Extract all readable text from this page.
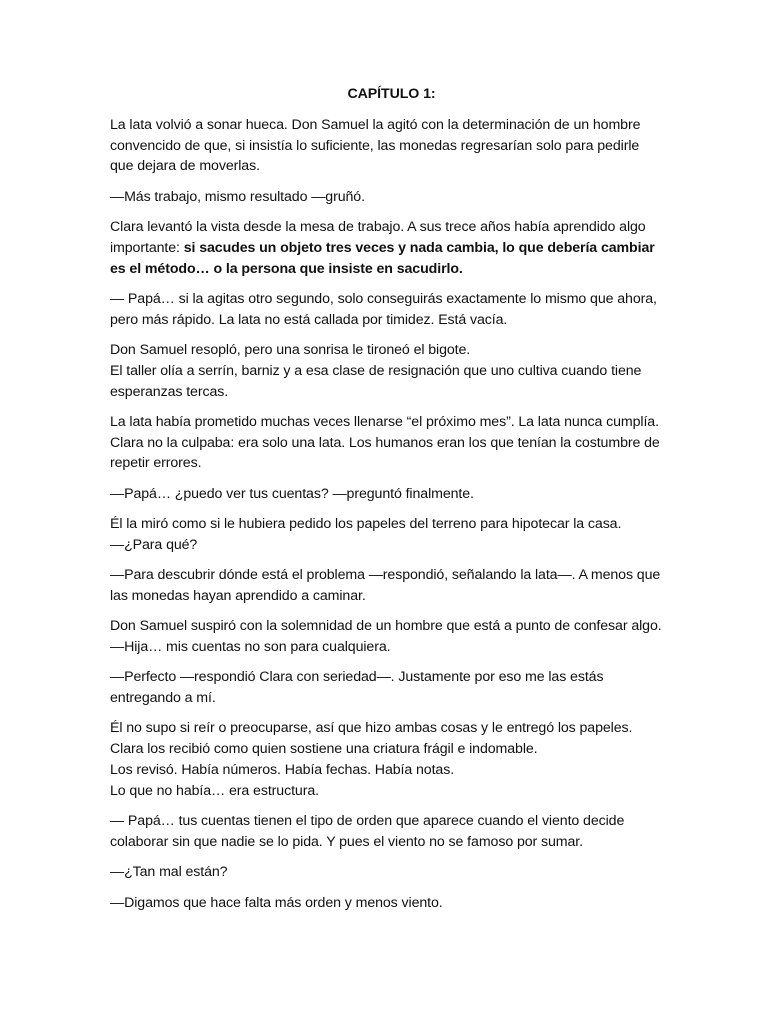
CAPÍTULO 1:

La lata volvió a sonar hueca. Don Samuel la agitó con la determinación de un hombre convencido de que, si insistía lo suficiente, las monedas regresarían solo para pedirle que dejara de moverlas.

—Más trabajo, mismo resultado —gruñó.

Clara levantó la vista desde la mesa de trabajo. A sus trece años había aprendido algo importante: si sacudes un objeto tres veces y nada cambia, lo que debería cambiar es el método… o la persona que insiste en sacudirlo.

— Papá… si la agitas otro segundo, solo conseguirás exactamente lo mismo que ahora, pero más rápido. La lata no está callada por timidez. Está vacía.

Don Samuel resopló, pero una sonrisa le tironeó el bigote.
El taller olía a serrín, barniz y a esa clase de resignación que uno cultiva cuando tiene esperanzas tercas.

La lata había prometido muchas veces llenarse “el próximo mes”. La lata nunca cumplía. Clara no la culpaba: era solo una lata. Los humanos eran los que tenían la costumbre de repetir errores.

—Papá… ¿puedo ver tus cuentas? —preguntó finalmente.

Él la miró como si le hubiera pedido los papeles del terreno para hipotecar la casa.
—¿Para qué?

—Para descubrir dónde está el problema —respondió, señalando la lata—. A menos que las monedas hayan aprendido a caminar.

Don Samuel suspiró con la solemnidad de un hombre que está a punto de confesar algo.
—Hija… mis cuentas no son para cualquiera.

—Perfecto —respondió Clara con seriedad—. Justamente por eso me las estás entregando a mí.

Él no supo si reír o preocuparse, así que hizo ambas cosas y le entregó los papeles. Clara los recibió como quien sostiene una criatura frágil e indomable.
Los revisó. Había números. Había fechas. Había notas.
Lo que no había… era estructura.

— Papá… tus cuentas tienen el tipo de orden que aparece cuando el viento decide colaborar sin que nadie se lo pida. Y pues el viento no se famoso por sumar.

—¿Tan mal están?

—Digamos que hace falta más orden y menos viento.
